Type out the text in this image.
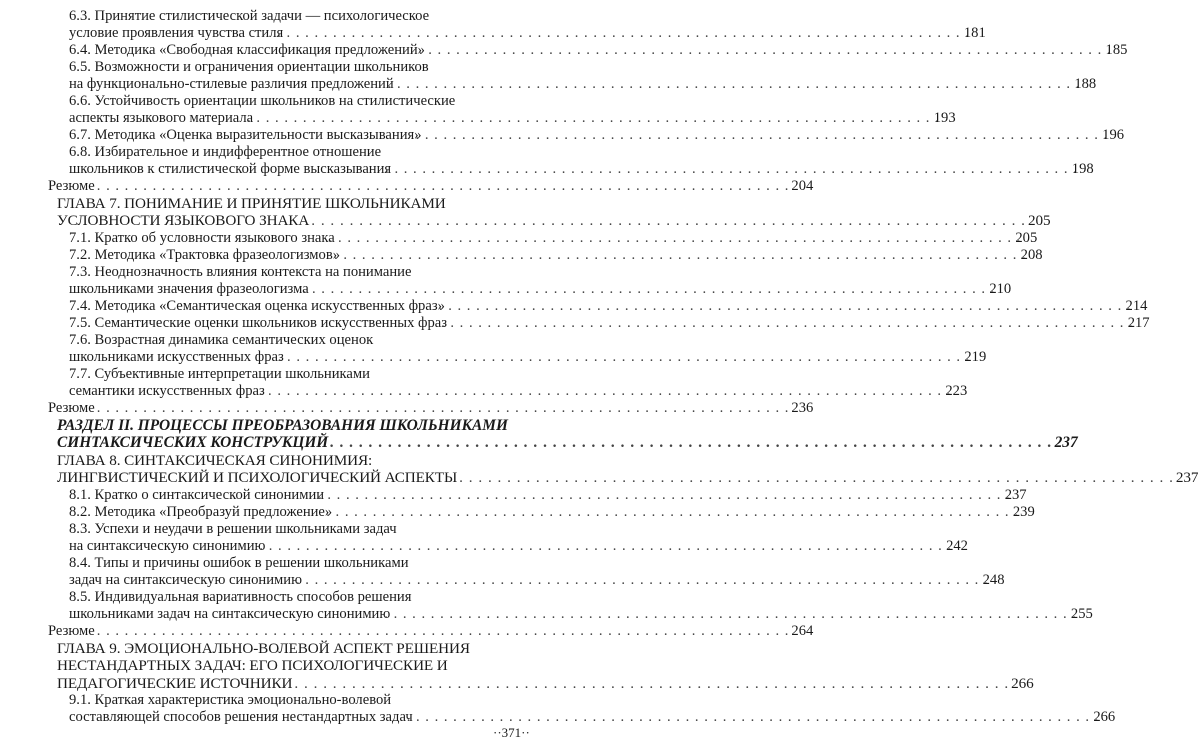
6.3. Принятие стилистической задачи — психологическое
условие проявления чувства стиля . . .	181
6.4. Методика «Свободная классификация предложений» . . .	185
6.5. Возможности и ограничения ориентации школьников
на функционально-стилевые различия предложений . . .	188
6.6. Устойчивость ориентации школьников на стилистические
аспекты языкового материала . . .	193
6.7. Методика «Оценка выразительности высказывания» . . .	196
6.8. Избирательное и индифферентное отношение
школьников к стилистической форме высказывания . . .	198
Резюме . . .	204
ГЛАВА 7. ПОНИМАНИЕ И ПРИНЯТИЕ ШКОЛЬНИКАМИ
УСЛОВНОСТИ ЯЗЫКОВОГО ЗНАКА . . .	205
7.1. Кратко об условности языкового знака . . .	205
7.2. Методика «Трактовка фразеологизмов» . . .	208
7.3. Неоднозначность влияния контекста на понимание
школьниками значения фразеологизма . . .	210
7.4. Методика «Семантическая оценка искусственных фраз» . . .	214
7.5. Семантические оценки школьников искусственных фраз . . .	217
7.6. Возрастная динамика семантических оценок
школьниками искусственных фраз . . .	219
7.7. Субъективные интерпретации школьниками
семантики искусственных фраз . . .	223
Резюме . . .	236
РАЗДЕЛ II. ПРОЦЕССЫ ПРЕОБРАЗОВАНИЯ ШКОЛЬНИКАМИ
СИНТАКСИЧЕСКИХ КОНСТРУКЦИЙ . . .	237
ГЛАВА 8. СИНТАКСИЧЕСКАЯ СИНОНИМИЯ:
ЛИНГВИСТИЧЕСКИЙ И ПСИХОЛОГИЧЕСКИЙ АСПЕКТЫ . . .	237
8.1. Кратко о синтаксической синонимии . . .	237
8.2. Методика «Преобразуй предложение» . . .	239
8.3. Успехи и неудачи в решении школьниками задач
на синтаксическую синонимию . . .	242
8.4. Типы и причины ошибок в решении школьниками
задач на синтаксическую синонимию . . .	248
8.5. Индивидуальная вариативность способов решения
школьниками задач на синтаксическую синонимию . . .	255
Резюме . . .	264
ГЛАВА 9. ЭМОЦИОНАЛЬНО-ВОЛЕВОЙ АСПЕКТ РЕШЕНИЯ
НЕСТАНДАРТНЫХ ЗАДАЧ: ЕГО ПСИХОЛОГИЧЕСКИЕ И
ПЕДАГОГИЧЕСКИЕ ИСТОЧНИКИ . . .	266
9.1. Краткая характеристика эмоционально-волевой
составляющей способов решения нестандартных задач . . .	266
··371··
